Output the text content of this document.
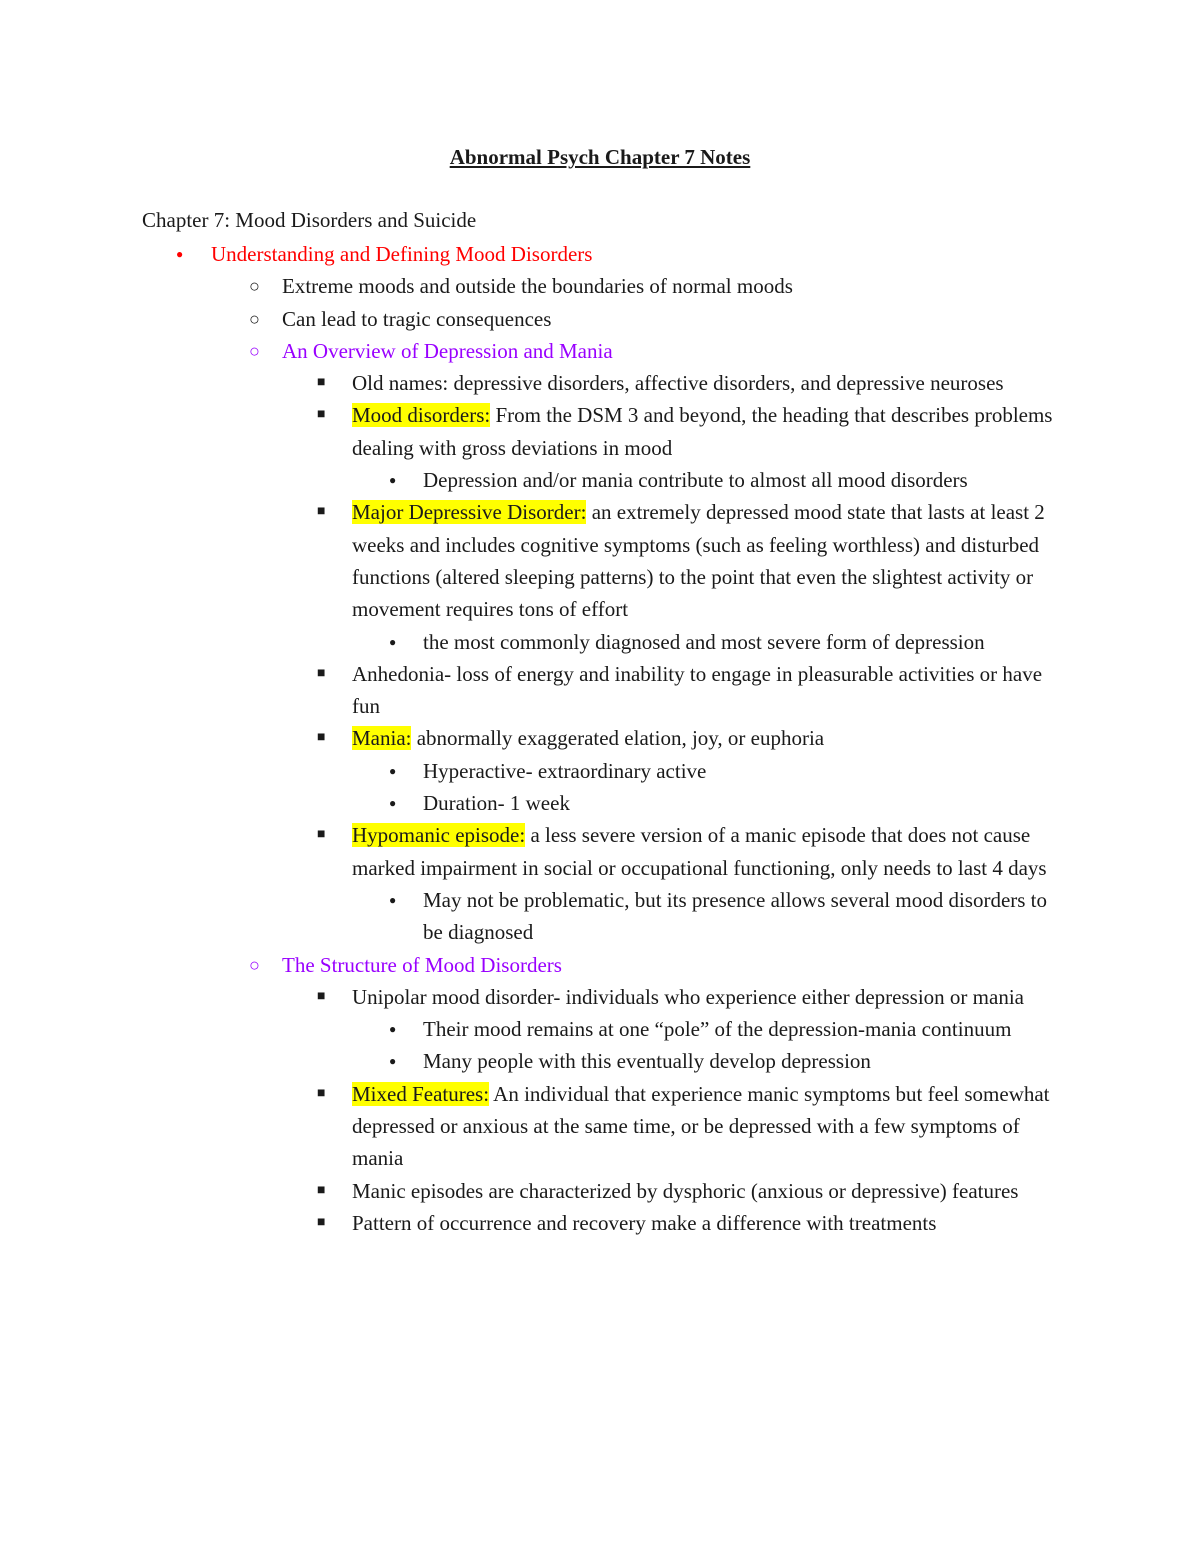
Abnormal Psych Chapter 7 Notes
Chapter 7: Mood Disorders and Suicide
● Understanding and Defining Mood Disorders
○ Extreme moods and outside the boundaries of normal moods
○ Can lead to tragic consequences
○ An Overview of Depression and Mania
■ Old names: depressive disorders, affective disorders, and depressive neuroses
■ Mood disorders: From the DSM 3 and beyond, the heading that describes problems dealing with gross deviations in mood
● Depression and/or mania contribute to almost all mood disorders
■ Major Depressive Disorder: an extremely depressed mood state that lasts at least 2 weeks and includes cognitive symptoms (such as feeling worthless) and disturbed functions (altered sleeping patterns) to the point that even the slightest activity or movement requires tons of effort
● the most commonly diagnosed and most severe form of depression
■ Anhedonia- loss of energy and inability to engage in pleasurable activities or have fun
■ Mania: abnormally exaggerated elation, joy, or euphoria
● Hyperactive- extraordinary active
● Duration- 1 week
■ Hypomanic episode: a less severe version of a manic episode that does not cause marked impairment in social or occupational functioning, only needs to last 4 days
● May not be problematic, but its presence allows several mood disorders to be diagnosed
○ The Structure of Mood Disorders
■ Unipolar mood disorder- individuals who experience either depression or mania
● Their mood remains at one “pole” of the depression-mania continuum
● Many people with this eventually develop depression
■ Mixed Features: An individual that experience manic symptoms but feel somewhat depressed or anxious at the same time, or be depressed with a few symptoms of mania
■ Manic episodes are characterized by dysphoric (anxious or depressive) features
■ Pattern of occurrence and recovery make a difference with treatments
